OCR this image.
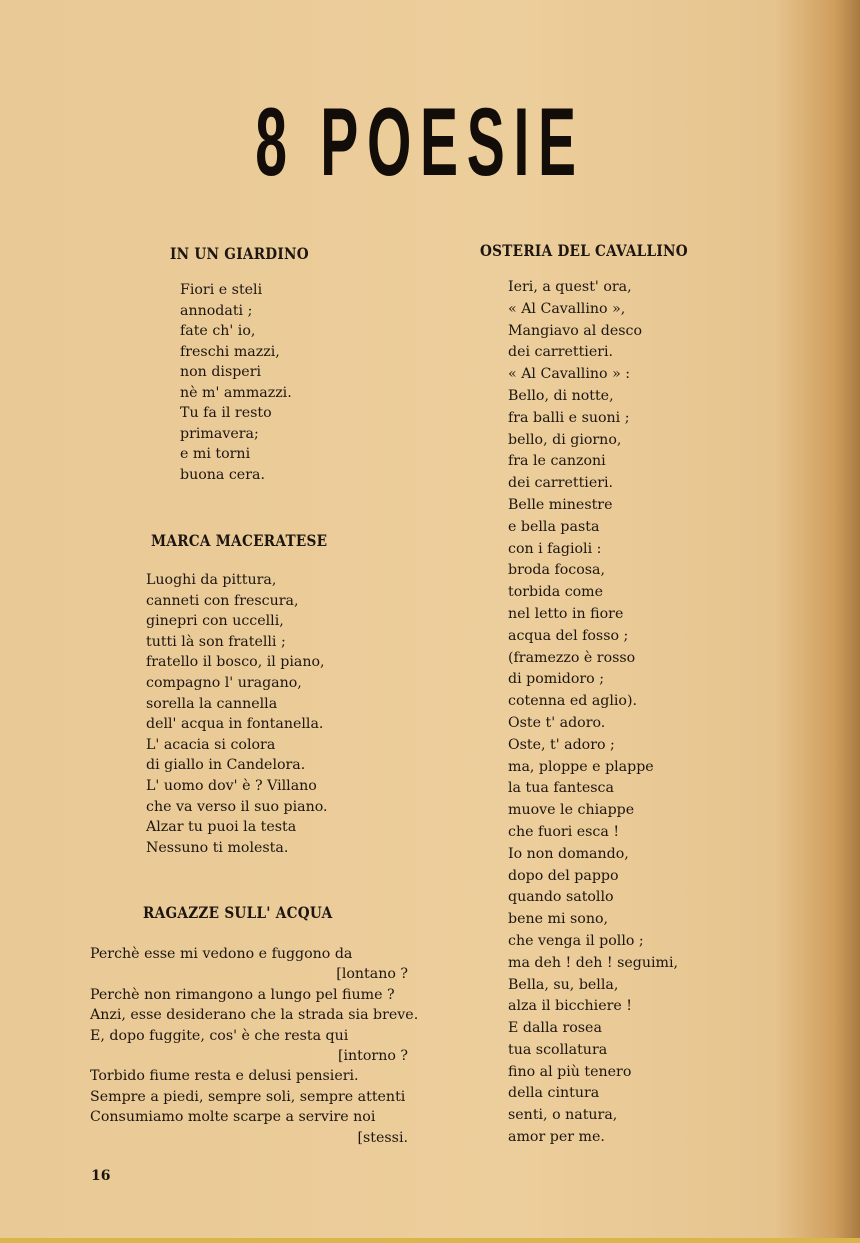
8 POESIE
IN UN GIARDINO
Fiori e steli
annodati ;
fate ch' io,
freschi mazzi,
non disperi
nè m' ammazzi.
Tu fa il resto
primavera;
e mi torni
buona cera.
MARCA MACERATESE
Luoghi da pittura,
canneti con frescura,
ginepri con uccelli,
tutti là son fratelli ;
fratello il bosco, il piano,
compagno l' uragano,
sorella la cannella
dell' acqua in fontanella.
L' acacia si colora
di giallo in Candelora.
L' uomo dov' è ? Villano
che va verso il suo piano.
Alzar tu puoi la testa
Nessuno ti molesta.
RAGAZZE SULL' ACQUA
Perchè esse mi vedono e fuggono da
[lontano ?
Perchè non rimangono a lungo pel fiume ?
Anzi, esse desiderano che la strada sia breve.
E, dopo fuggite, cos' è che resta qui
[intorno ?
Torbido fiume resta e delusi pensieri.
Sempre a piedi, sempre soli, sempre attenti
Consumiamo molte scarpe a servire noi
[stessi.
OSTERIA DEL CAVALLINO
Ieri, a quest' ora,
« Al Cavallino »,
Mangiavo al desco
dei carrettieri.
« Al Cavallino » :
Bello, di notte,
fra balli e suoni ;
bello, di giorno,
fra le canzoni
dei carrettieri.
Belle minestre
e bella pasta
con i fagioli :
broda focosa,
torbida come
nel letto in fiore
acqua del fosso ;
(framezzo è rosso
di pomidoro ;
cotenna ed aglio).
Oste t' adoro.
Oste, t' adoro ;
ma, ploppe e plappe
la tua fantesca
muove le chiappe
che fuori esca !
Io non domando,
dopo del pappo
quando satollo
bene mi sono,
che venga il pollo ;
ma deh ! deh ! seguimi,
Bella, su, bella,
alza il bicchiere !
E dalla rosea
tua scollatura
fino al più tenero
della cintura
senti, o natura,
amor per me.
16
